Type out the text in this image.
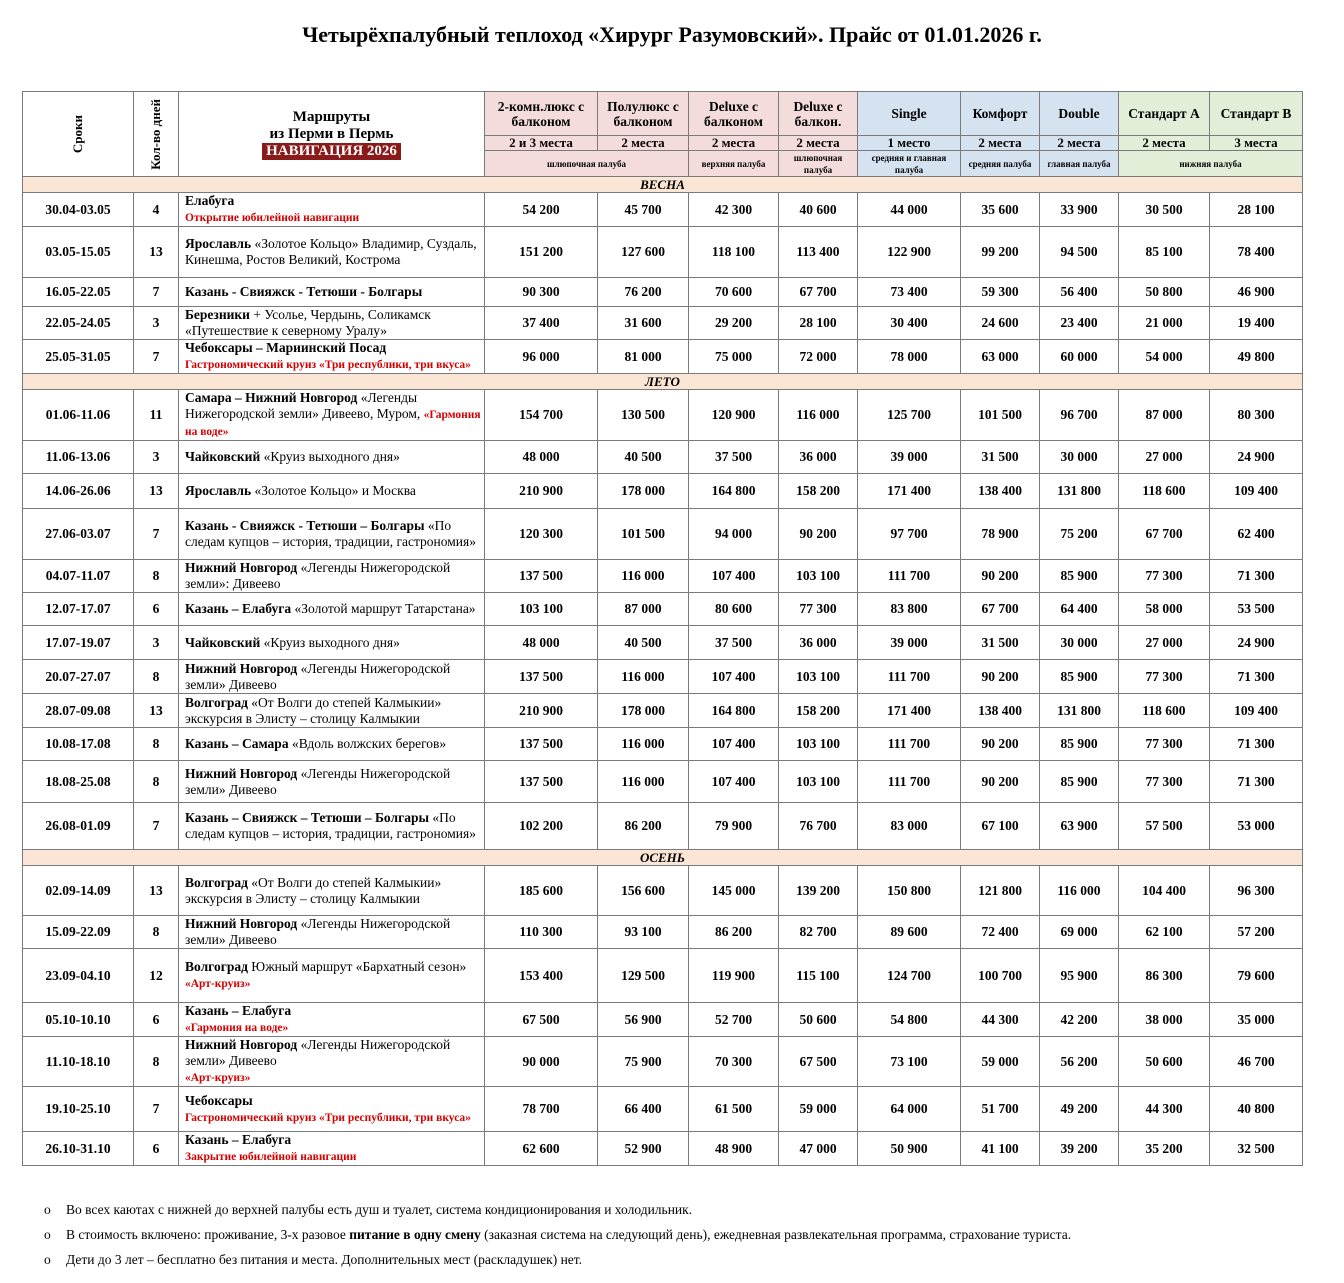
Четырёхпалубный теплоход «Хирург Разумовский». Прайс от 01.01.2026 г.
Сроки	Кол-во дней	Маршруты
из Перми в Пермь
НАВИГАЦИЯ 2026	2-комн.люкс с балконом	Полулюкс с балконом	Deluxe с балконом	Deluxe с балкон.	Single	Комфорт	Double	Стандарт А	Стандарт В
			2 и 3 места	2 места	2 места	2 места	1 место	2 места	2 места	2 места	3 места
			шлюпочная палуба		верхняя палуба	шлюпочная палуба	средняя и главная палуба	средняя палуба	главная палуба	нижняя палуба	
ВЕСНА											
30.04-03.05	4	Елабуга
Открытие юбилейной навигации	54 200	45 700	42 300	40 600	44 000	35 600	33 900	30 500	28 100
03.05-15.05	13	Ярославль «Золотое Кольцо» Владимир, Суздаль, Кинешма, Ростов Великий, Кострома	151 200	127 600	118 100	113 400	122 900	99 200	94 500	85 100	78 400
16.05-22.05	7	Казань - Свияжск - Тетюши - Болгары	90 300	76 200	70 600	67 700	73 400	59 300	56 400	50 800	46 900
22.05-24.05	3	Березники + Усолье, Чердынь, Соликамск «Путешествие к северному Уралу»	37 400	31 600	29 200	28 100	30 400	24 600	23 400	21 000	19 400
25.05-31.05	7	Чебоксары – Мариинский Посад
Гастрономический круиз «Три республики, три вкуса»	96 000	81 000	75 000	72 000	78 000	63 000	60 000	54 000	49 800
ЛЕТО											
01.06-11.06	11	Самара – Нижний Новгород «Легенды Нижегородской земли» Дивеево, Муром, «Гармония на воде»	154 700	130 500	120 900	116 000	125 700	101 500	96 700	87 000	80 300
11.06-13.06	3	Чайковский «Круиз выходного дня»	48 000	40 500	37 500	36 000	39 000	31 500	30 000	27 000	24 900
14.06-26.06	13	Ярославль «Золотое Кольцо» и Москва	210 900	178 000	164 800	158 200	171 400	138 400	131 800	118 600	109 400
27.06-03.07	7	Казань - Свияжск - Тетюши – Болгары «По следам купцов – история, традиции, гастрономия»	120 300	101 500	94 000	90 200	97 700	78 900	75 200	67 700	62 400
04.07-11.07	8	Нижний Новгород «Легенды Нижегородской земли»: Дивеево	137 500	116 000	107 400	103 100	111 700	90 200	85 900	77 300	71 300
12.07-17.07	6	Казань – Елабуга «Золотой маршрут Татарстана»	103 100	87 000	80 600	77 300	83 800	67 700	64 400	58 000	53 500
17.07-19.07	3	Чайковский «Круиз выходного дня»	48 000	40 500	37 500	36 000	39 000	31 500	30 000	27 000	24 900
20.07-27.07	8	Нижний Новгород «Легенды Нижегородской земли» Дивеево	137 500	116 000	107 400	103 100	111 700	90 200	85 900	77 300	71 300
28.07-09.08	13	Волгоград «От Волги до степей Калмыкии» экскурсия в Элисту – столицу Калмыкии	210 900	178 000	164 800	158 200	171 400	138 400	131 800	118 600	109 400
10.08-17.08	8	Казань – Самара «Вдоль волжских берегов»	137 500	116 000	107 400	103 100	111 700	90 200	85 900	77 300	71 300
18.08-25.08	8	Нижний Новгород «Легенды Нижегородской земли» Дивеево	137 500	116 000	107 400	103 100	111 700	90 200	85 900	77 300	71 300
26.08-01.09	7	Казань – Свияжск – Тетюши – Болгары «По следам купцов – история, традиции, гастрономия»	102 200	86 200	79 900	76 700	83 000	67 100	63 900	57 500	53 000
ОСЕНЬ											
02.09-14.09	13	Волгоград «От Волги до степей Калмыкии» экскурсия в Элисту – столицу Калмыкии	185 600	156 600	145 000	139 200	150 800	121 800	116 000	104 400	96 300
15.09-22.09	8	Нижний Новгород «Легенды Нижегородской земли» Дивеево	110 300	93 100	86 200	82 700	89 600	72 400	69 000	62 100	57 200
23.09-04.10	12	Волгоград Южный маршрут «Бархатный сезон»
«Арт-круиз»	153 400	129 500	119 900	115 100	124 700	100 700	95 900	86 300	79 600
05.10-10.10	6	Казань – Елабуга
«Гармония на воде»	67 500	56 900	52 700	50 600	54 800	44 300	42 200	38 000	35 000
11.10-18.10	8	Нижний Новгород «Легенды Нижегородской земли» Дивеево
«Арт-круиз»	90 000	75 900	70 300	67 500	73 100	59 000	56 200	50 600	46 700
19.10-25.10	7	Чебоксары
Гастрономический круиз «Три республики, три вкуса»	78 700	66 400	61 500	59 000	64 000	51 700	49 200	44 300	40 800
26.10-31.10	6	Казань – Елабуга
Закрытие юбилейной навигации	62 600	52 900	48 900	47 000	50 900	41 100	39 200	35 200	32 500
o Во всех каютах с нижней до верхней палубы есть душ и туалет, система кондиционирования и холодильник.
o В стоимость включено: проживание, 3-х разовое питание в одну смену (заказная система на следующий день), ежедневная развлекательная программа, страхование туриста.
o Дети до 3 лет – бесплатно без питания и места. Дополнительных мест (раскладушек) нет.
